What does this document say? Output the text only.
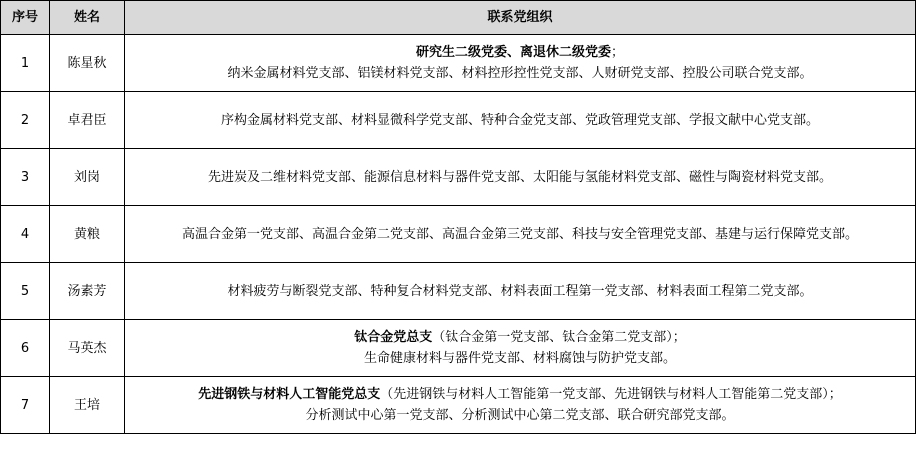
序号	姓名	联系党组织
1	陈星秋	研究生二级党委、离退休二级党委；
纳米金属材料党支部、铝镁材料党支部、材料控形控性党支部、人财研党支部、控股公司联合党支部。

2	卓君臣	序构金属材料党支部、材料显微科学党支部、特种合金党支部、党政管理党支部、学报文献中心党支部。
3	刘岗	先进炭及二维材料党支部、能源信息材料与器件党支部、太阳能与氢能材料党支部、磁性与陶瓷材料党支部。
4	黄粮	高温合金第一党支部、高温合金第二党支部、高温合金第三党支部、科技与安全管理党支部、基建与运行保障党支部。
5	汤素芳	材料疲劳与断裂党支部、特种复合材料党支部、材料表面工程第一党支部、材料表面工程第二党支部。
6	马英杰	钛合金党总支（钛合金第一党支部、钛合金第二党支部）；
生命健康材料与器件党支部、材料腐蚀与防护党支部。

7	王培	先进钢铁与材料人工智能党总支（先进钢铁与材料人工智能第一党支部、先进钢铁与材料人工智能第二党支部）；
分析测试中心第一党支部、分析测试中心第二党支部、联合研究部党支部。
